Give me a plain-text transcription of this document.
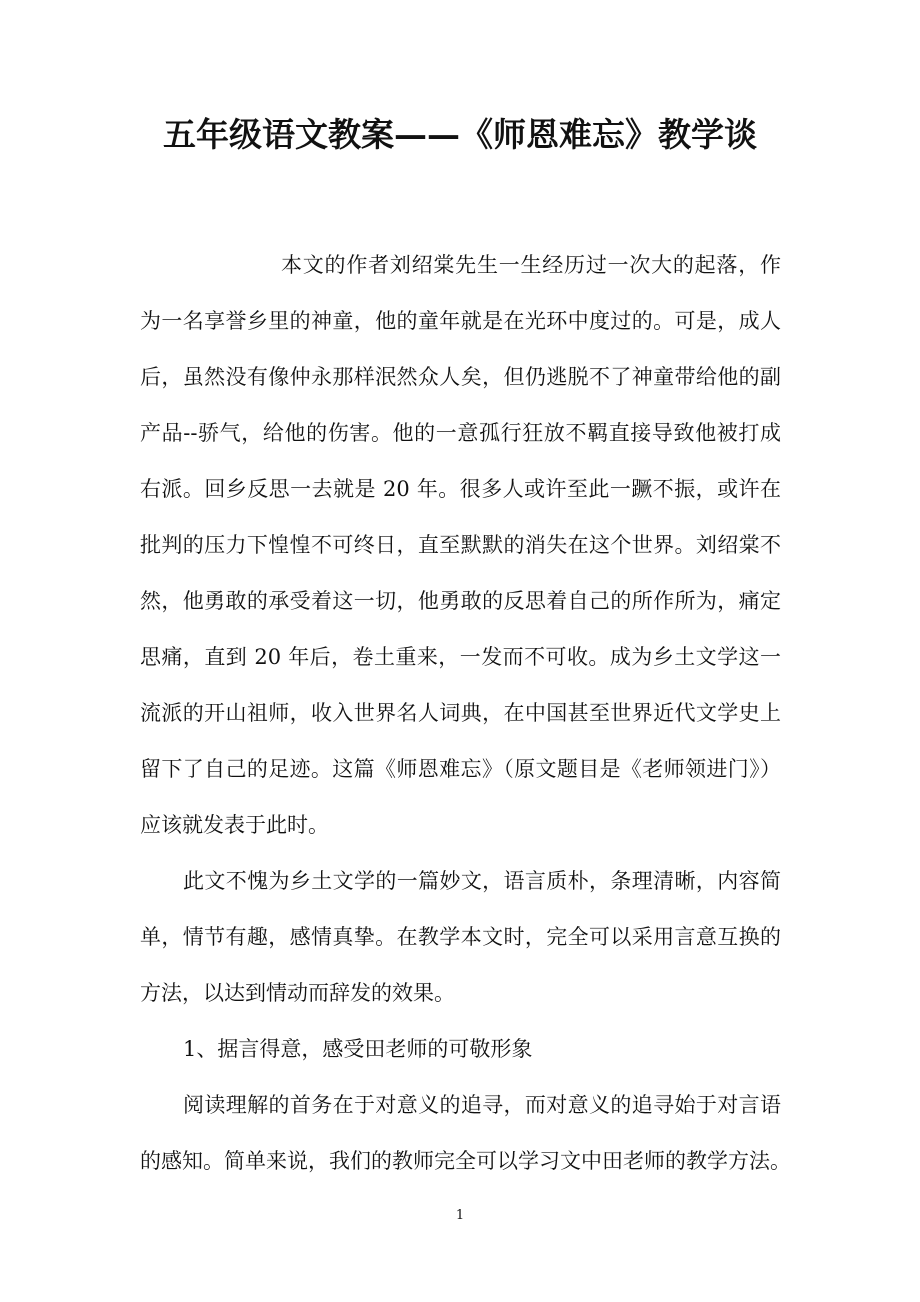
五年级语文教案——《师恩难忘》教学谈
本文的作者刘绍棠先生一生经历过一次大的起落，作
为一名享誉乡里的神童，他的童年就是在光环中度过的。可是，成人
后，虽然没有像仲永那样泯然众人矣，但仍逃脱不了神童带给他的副
产品--骄气，给他的伤害。他的一意孤行狂放不羁直接导致他被打成
右派。回乡反思一去就是 20 年。很多人或许至此一蹶不振，或许在
批判的压力下惶惶不可终日，直至默默的消失在这个世界。刘绍棠不
然，他勇敢的承受着这一切，他勇敢的反思着自己的所作所为，痛定
思痛，直到 20 年后，卷土重来，一发而不可收。成为乡土文学这一
流派的开山祖师，收入世界名人词典，在中国甚至世界近代文学史上
留下了自己的足迹。这篇《师恩难忘》（原文题目是《老师领进门》）
应该就发表于此时。
此文不愧为乡土文学的一篇妙文，语言质朴，条理清晰，内容简
单，情节有趣，感情真挚。在教学本文时，完全可以采用言意互换的
方法，以达到情动而辞发的效果。
1、据言得意，感受田老师的可敬形象
阅读理解的首务在于对意义的追寻，而对意义的追寻始于对言语
的感知。简单来说，我们的教师完全可以学习文中田老师的教学方法。
1
